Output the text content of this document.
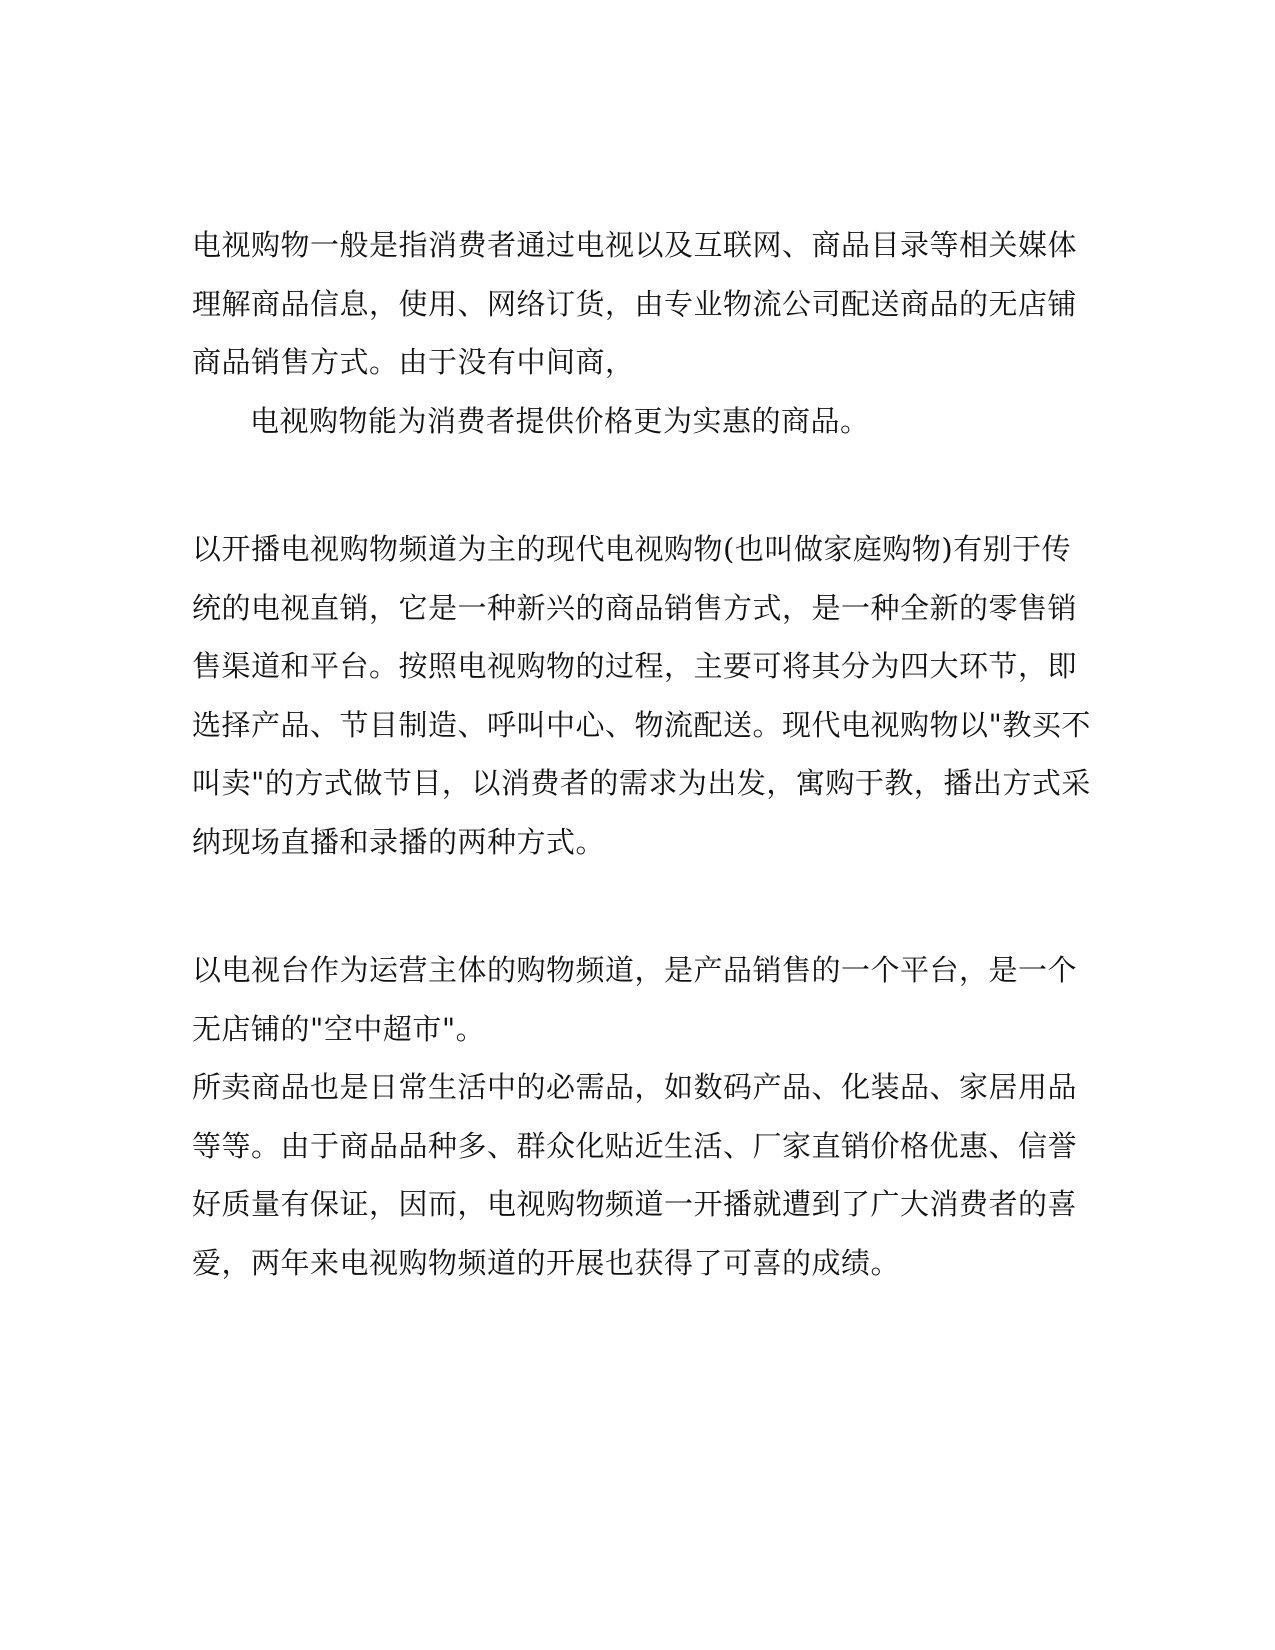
电视购物一般是指消费者通过电视以及互联网、商品目录等相关媒体
理解商品信息，使用、网络订货，由专业物流公司配送商品的无店铺
商品销售方式。由于没有中间商，
电视购物能为消费者提供价格更为实惠的商品。
以开播电视购物频道为主的现代电视购物(也叫做家庭购物)有别于传
统的电视直销，它是一种新兴的商品销售方式，是一种全新的零售销
售渠道和平台。按照电视购物的过程，主要可将其分为四大环节，即
选择产品、节目制造、呼叫中心、物流配送。现代电视购物以"教买不
叫卖"的方式做节目，以消费者的需求为出发，寓购于教，播出方式采
纳现场直播和录播的两种方式。
以电视台作为运营主体的购物频道，是产品销售的一个平台，是一个
无店铺的"空中超市"。
所卖商品也是日常生活中的必需品，如数码产品、化装品、家居用品
等等。由于商品品种多、群众化贴近生活、厂家直销价格优惠、信誉
好质量有保证，因而，电视购物频道一开播就遭到了广大消费者的喜
爱，两年来电视购物频道的开展也获得了可喜的成绩。
